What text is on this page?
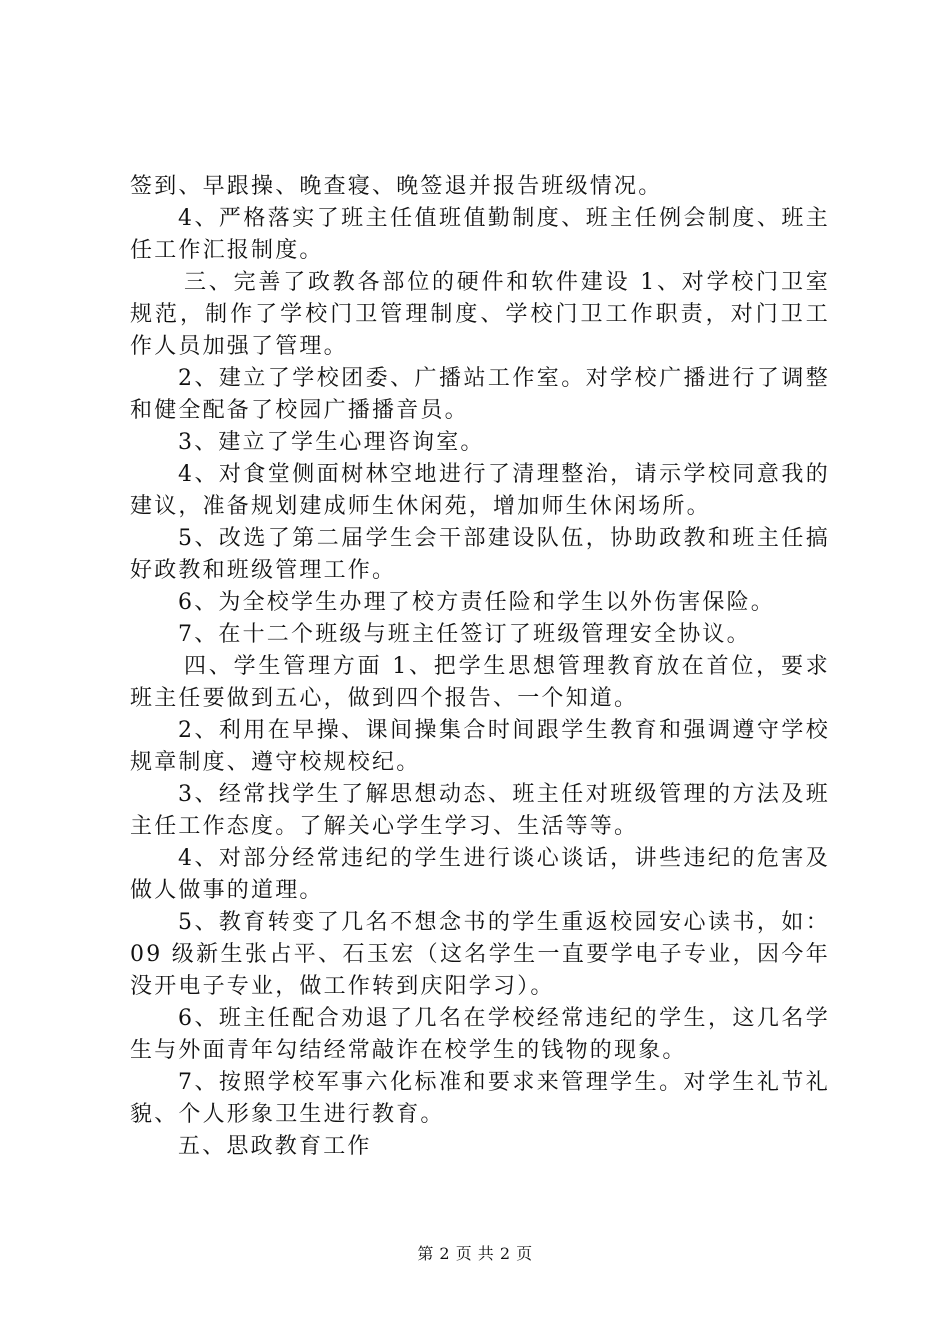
签到、早跟操、晚查寝、晚签退并报告班级情况。

4、严格落实了班主任值班值勤制度、班主任例会制度、班主任工作汇报制度。

三、完善了政教各部位的硬件和软件建设 1、对学校门卫室规范，制作了学校门卫管理制度、学校门卫工作职责，对门卫工作人员加强了管理。

2、建立了学校团委、广播站工作室。对学校广播进行了调整和健全配备了校园广播播音员。

3、建立了学生心理咨询室。

4、对食堂侧面树林空地进行了清理整治，请示学校同意我的建议，准备规划建成师生休闲苑，增加师生休闲场所。

5、改选了第二届学生会干部建设队伍，协助政教和班主任搞好政教和班级管理工作。

6、为全校学生办理了校方责任险和学生以外伤害保险。

7、在十二个班级与班主任签订了班级管理安全协议。

四、学生管理方面 1、把学生思想管理教育放在首位，要求班主任要做到五心，做到四个报告、一个知道。

2、利用在早操、课间操集合时间跟学生教育和强调遵守学校规章制度、遵守校规校纪。

3、经常找学生了解思想动态、班主任对班级管理的方法及班主任工作态度。了解关心学生学习、生活等等。

4、对部分经常违纪的学生进行谈心谈话，讲些违纪的危害及做人做事的道理。

5、教育转变了几名不想念书的学生重返校园安心读书，如：09 级新生张占平、石玉宏（这名学生一直要学电子专业，因今年没开电子专业，做工作转到庆阳学习）。

6、班主任配合劝退了几名在学校经常违纪的学生，这几名学生与外面青年勾结经常敲诈在校学生的钱物的现象。

7、按照学校军事六化标准和要求来管理学生。对学生礼节礼貌、个人形象卫生进行教育。

五、思政教育工作

第 2 页 共 2 页
